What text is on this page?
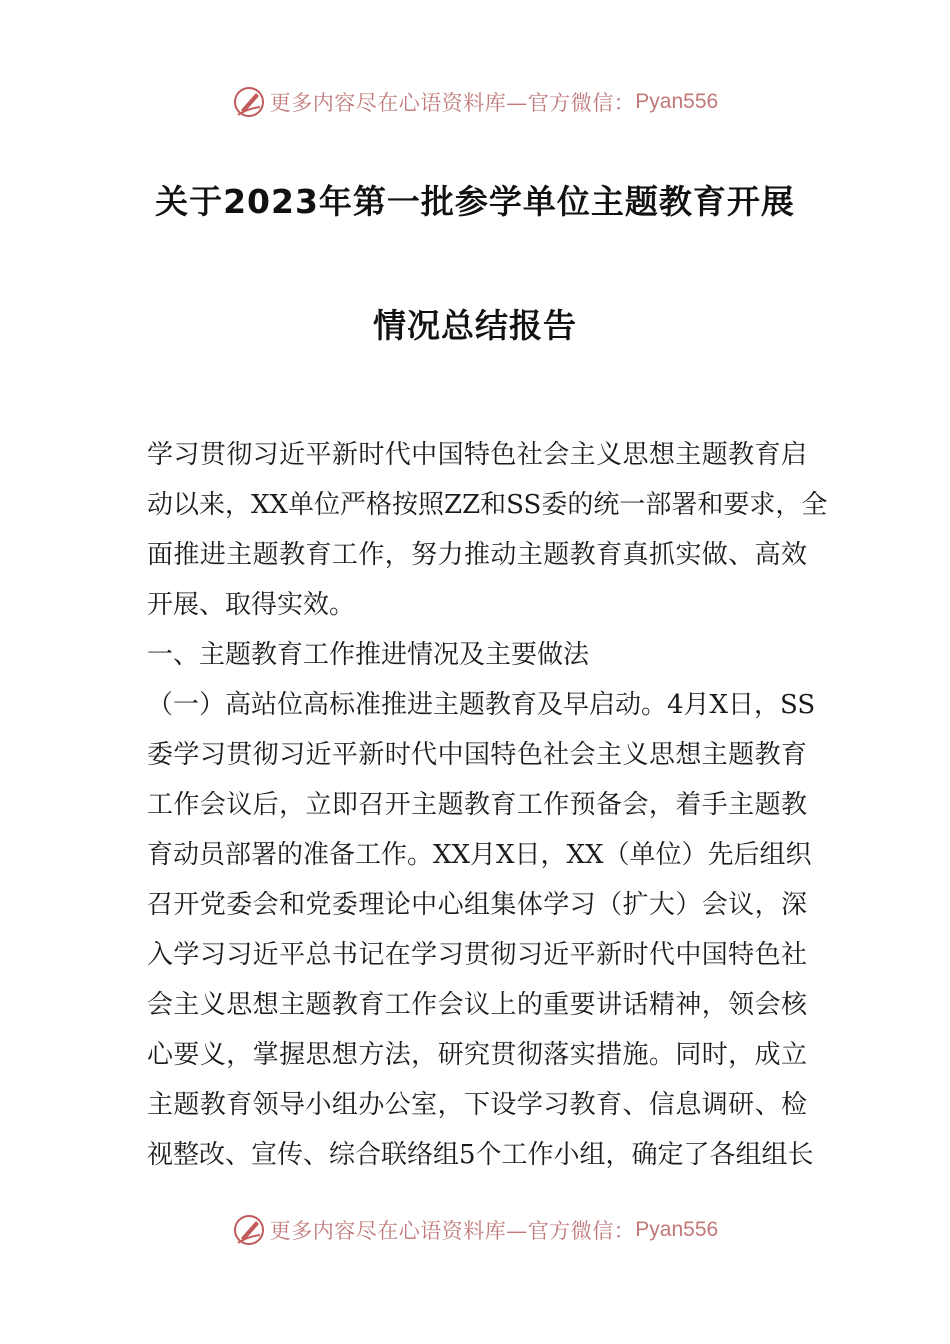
更多内容尽在心语资料库—官方微信： Pyan556
关于2023年第一批参学单位主题教育开展
情况总结报告
学习贯彻习近平新时代中国特色社会主义思想主题教育启
动以来，XX单位严格按照ZZ和SS委的统一部署和要求，全
面推进主题教育工作，努力推动主题教育真抓实做、高效
开展、取得实效。
一、主题教育工作推进情况及主要做法
（一）高站位高标准推进主题教育及早启动。4月X日，SS
委学习贯彻习近平新时代中国特色社会主义思想主题教育
工作会议后，立即召开主题教育工作预备会，着手主题教
育动员部署的准备工作。XX月X日，XX（单位）先后组织
召开党委会和党委理论中心组集体学习（扩大）会议，深
入学习习近平总书记在学习贯彻习近平新时代中国特色社
会主义思想主题教育工作会议上的重要讲话精神，领会核
心要义，掌握思想方法，研究贯彻落实措施。同时，成立
主题教育领导小组办公室，下设学习教育、信息调研、检
视整改、宣传、综合联络组5个工作小组，确定了各组组长
更多内容尽在心语资料库—官方微信： Pyan556
